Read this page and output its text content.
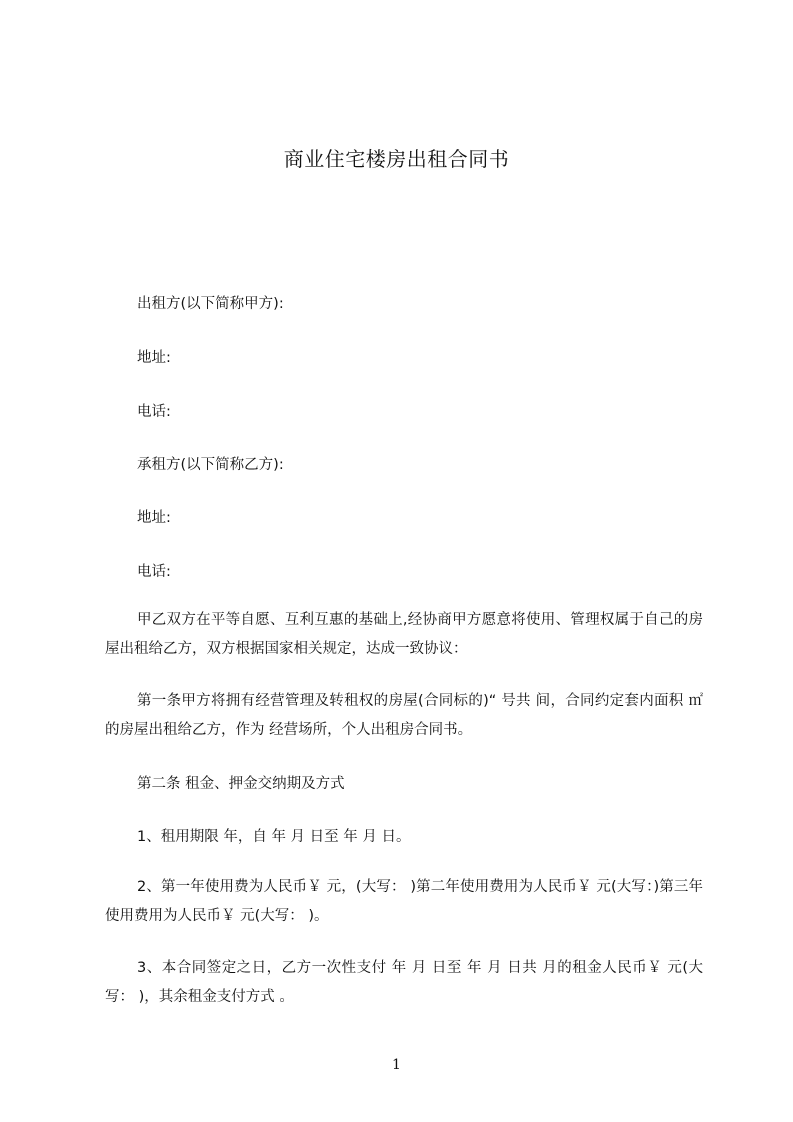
商业住宅楼房出租合同书
出租方(以下简称甲方):
地址:
电话:
承租方(以下简称乙方):
地址:
电话:
甲乙双方在平等自愿、互利互惠的基础上,经协商甲方愿意将使用、管理权属于自己的房屋出租给乙方，双方根据国家相关规定，达成一致协议：
第一条甲方将拥有经营管理及转租权的房屋(合同标的)“ 号共 间，合同约定套内面积 ㎡的房屋出租给乙方，作为 经营场所，个人出租房合同书。
第二条 租金、押金交纳期及方式
1、租用期限 年，自 年 月 日至 年 月 日。
2、第一年使用费为人民币￥ 元，(大写： )第二年使用费用为人民币￥ 元(大写：)第三年使用费用为人民币￥ 元(大写： )。
3、本合同签定之日，乙方一次性支付 年 月 日至 年 月 日共 月的租金人民币￥ 元(大写： )，其余租金支付方式 。
1
